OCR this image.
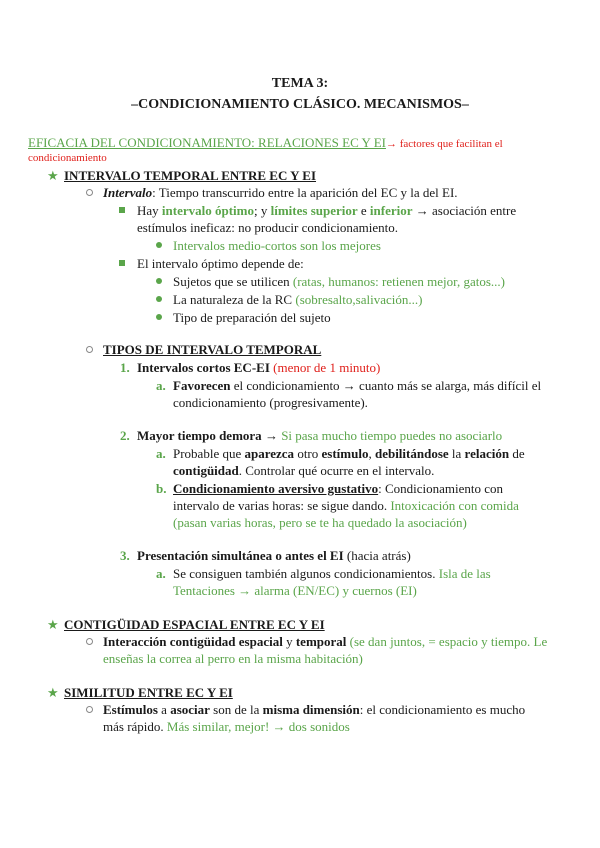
TEMA 3:
–CONDICIONAMIENTO CLÁSICO. MECANISMOS–
EFICACIA DEL CONDICIONAMIENTO: RELACIONES EC Y EI→ factores que facilitan el
condicionamiento
★ INTERVALO TEMPORAL ENTRE EC Y EI
Intervalo: Tiempo transcurrido entre la aparición del EC y la del EI.
Hay intervalo óptimo; y límites superior e inferior → asociación entre
estímulos ineficaz: no producir condicionamiento.
Intervalos medio-cortos son los mejores
El intervalo óptimo depende de:
Sujetos que se utilicen (ratas, humanos: retienen mejor, gatos...)
La naturaleza de la RC (sobresalto,salivación...)
Tipo de preparación del sujeto
TIPOS DE INTERVALO TEMPORAL
1. Intervalos cortos EC-EI (menor de 1 minuto)
a. Favorecen el condicionamiento → cuanto más se alarga, más difícil el
condicionamiento (progresivamente).
2. Mayor tiempo demora → Si pasa mucho tiempo puedes no asociarlo
a. Probable que aparezca otro estímulo, debilitándose la relación de
contigüidad. Controlar qué ocurre en el intervalo.
b. Condicionamiento aversivo gustativo: Condicionamiento con
intervalo de varias horas: se sigue dando. Intoxicación con comida
(pasan varias horas, pero se te ha quedado la asociación)
3. Presentación simultánea o antes el EI (hacia atrás)
a. Se consiguen también algunos condicionamientos. Isla de las
Tentaciones → alarma (EN/EC) y cuernos (EI)
★ CONTIGÜIDAD ESPACIAL ENTRE EC Y EI
Interacción contigüidad espacial y temporal (se dan juntos, = espacio y tiempo. Le
enseñas la correa al perro en la misma habitación)
★ SIMILITUD ENTRE EC Y EI
Estímulos a asociar son de la misma dimensión: el condicionamiento es mucho
más rápido. Más similar, mejor! → dos sonidos
